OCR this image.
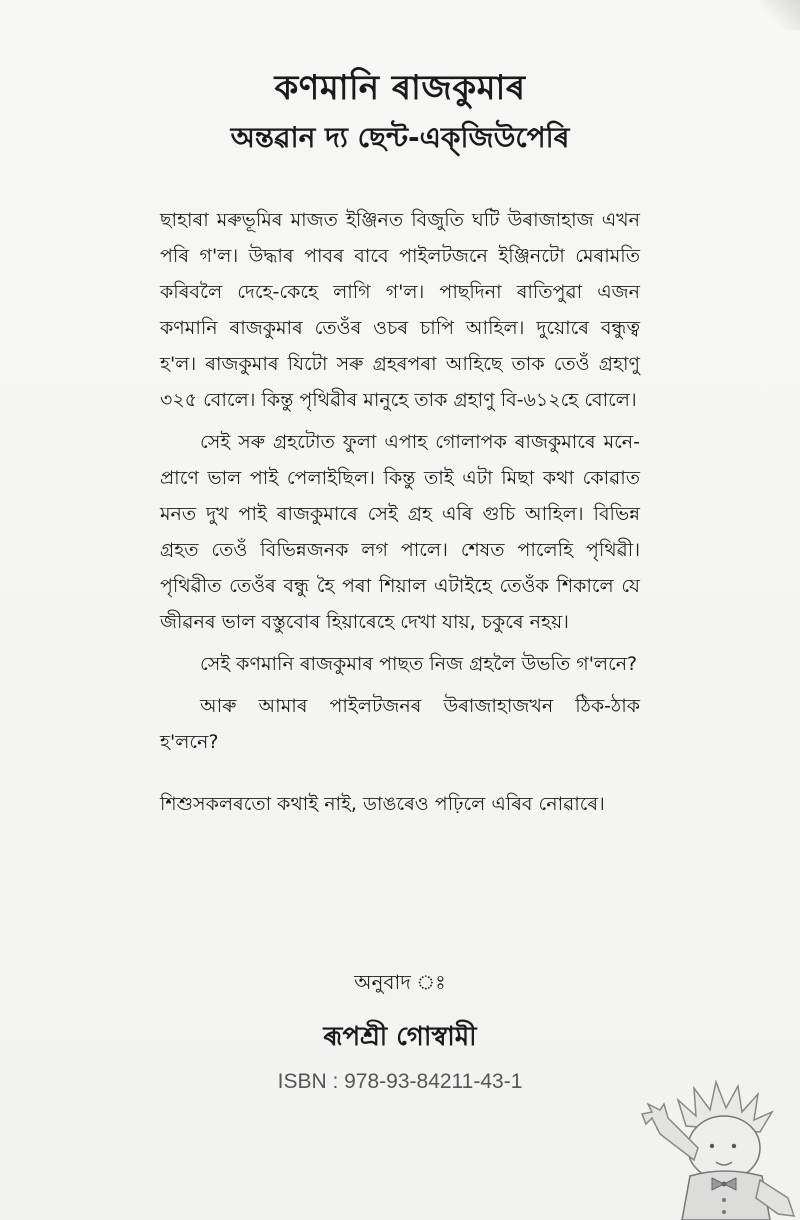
কণমানি ৰাজকুমাৰ
অন্তৱান দ্য ছেন্ট-এক্‌জিউপেৰি

ছাহাৰা মৰুভূমিৰ মাজত ইঞ্জিনত বিজুতি ঘটি উৰাজাহাজ এখন পৰি গ'ল। উদ্ধাৰ পাবৰ বাবে পাইলটজনে ইঞ্জিনটো মেৰামতি কৰিবলৈ দেহে-কেহে লাগি গ'ল। পাছদিনা ৰাতিপুৱা এজন কণমানি ৰাজকুমাৰ তেওঁৰ ওচৰ চাপি আহিল। দুয়োৰে বন্ধুত্ব হ'ল। ৰাজকুমাৰ যিটো সৰু গ্ৰহৰপৰা আহিছে তাক তেওঁ গ্ৰহাণু ৩২৫ বোলে। কিন্তু পৃথিৱীৰ মানুহে তাক গ্ৰহাণু বি-৬১২হে বোলে।

সেই সৰু গ্ৰহটোত ফুলা এপাহ গোলাপক ৰাজকুমাৰে মনে-প্ৰাণে ভাল পাই পেলাইছিল। কিন্তু তাই এটা মিছা কথা কোৱাত মনত দুখ পাই ৰাজকুমাৰে সেই গ্ৰহ এৰি গুচি আহিল। বিভিন্ন গ্ৰহত তেওঁ বিভিন্নজনক লগ পালে। শেষত পালেহি পৃথিৱী। পৃথিৱীত তেওঁৰ বন্ধু হৈ পৰা শিয়াল এটাইহে তেওঁক শিকালে যে জীৱনৰ ভাল বস্তুবোৰ হিয়াৰেহে দেখা যায়, চকুৰে নহয়।

সেই কণমানি ৰাজকুমাৰ পাছত নিজ গ্ৰহলৈ উভতি গ'লনে?

আৰু আমাৰ পাইলটজনৰ উৰাজাহাজখন ঠিক-ঠাক হ'লনে?

শিশুসকলৰতো কথাই নাই, ডাঙৰেও পঢ়িলে এৰিব নোৱাৰে।

অনুবাদ ঃ
ৰূপশ্ৰী গোস্বামী
ISBN : 978-93-84211-43-1
